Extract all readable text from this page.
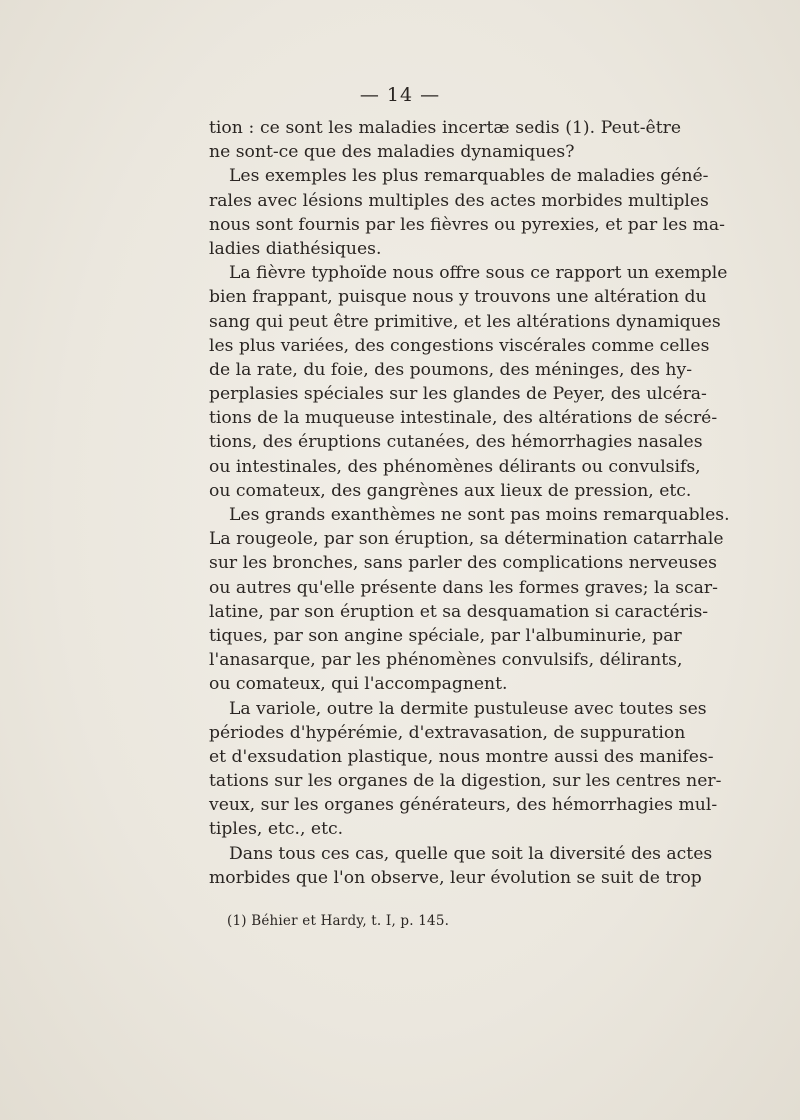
— 14 —
tion : ce sont les maladies incertæ sedis (1). Peut-être
ne sont-ce que des maladies dynamiques?
Les exemples les plus remarquables de maladies géné-
rales avec lésions multiples des actes morbides multiples
nous sont fournis par les fièvres ou pyrexies, et par les ma-
ladies diathésiques.
La fièvre typhoïde nous offre sous ce rapport un exemple
bien frappant, puisque nous y trouvons une altération du
sang qui peut être primitive, et les altérations dynamiques
les plus variées, des congestions viscérales comme celles
de la rate, du foie, des poumons, des méninges, des hy-
perplasies spéciales sur les glandes de Peyer, des ulcéra-
tions de la muqueuse intestinale, des altérations de sécré-
tions, des éruptions cutanées, des hémorrhagies nasales
ou intestinales, des phénomènes délirants ou convulsifs,
ou comateux, des gangrènes aux lieux de pression, etc.
Les grands exanthèmes ne sont pas moins remarquables.
La rougeole, par son éruption, sa détermination catarrhale
sur les bronches, sans parler des complications nerveuses
ou autres qu'elle présente dans les formes graves; la scar-
latine, par son éruption et sa desquamation si caractéris-
tiques, par son angine spéciale, par l'albuminurie, par
l'anasarque, par les phénomènes convulsifs, délirants,
ou comateux, qui l'accompagnent.
La variole, outre la dermite pustuleuse avec toutes ses
périodes d'hypérémie, d'extravasation, de suppuration
et d'exsudation plastique, nous montre aussi des manifes-
tations sur les organes de la digestion, sur les centres ner-
veux, sur les organes générateurs, des hémorrhagies mul-
tiples, etc., etc.
Dans tous ces cas, quelle que soit la diversité des actes
morbides que l'on observe, leur évolution se suit de trop
(1) Béhier et Hardy, t. I, p. 145.
